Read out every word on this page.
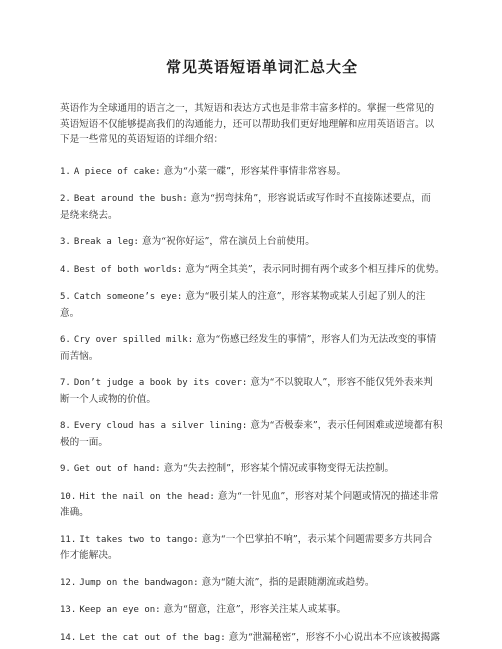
常见英语短语单词汇总大全

英语作为全球通用的语言之一，其短语和表达方式也是非常丰富多样的。掌握一些常见的
英语短语不仅能够提高我们的沟通能力，还可以帮助我们更好地理解和应用英语语言。以
下是一些常见的英语短语的详细介绍：

1. A piece of cake: 意为“小菜一碟”，形容某件事情非常容易。

2. Beat around the bush: 意为“拐弯抹角”，形容说话或写作时不直接陈述要点，而
是绕来绕去。

3. Break a leg: 意为“祝你好运”，常在演员上台前使用。

4. Best of both worlds: 意为“两全其美”，表示同时拥有两个或多个相互排斥的优势。

5. Catch someone’s eye: 意为“吸引某人的注意”，形容某物或某人引起了别人的注
意。

6. Cry over spilled milk: 意为“伤感已经发生的事情”，形容人们为无法改变的事情
而苦恼。

7. Don’t judge a book by its cover: 意为“不以貌取人”，形容不能仅凭外表来判
断一个人或物的价值。

8. Every cloud has a silver lining: 意为“否极泰来”，表示任何困难或逆境都有积
极的一面。

9. Get out of hand: 意为“失去控制”，形容某个情况或事物变得无法控制。

10. Hit the nail on the head: 意为“一针见血”，形容对某个问题或情况的描述非常
准确。

11. It takes two to tango: 意为“一个巴掌拍不响”，表示某个问题需要多方共同合
作才能解决。

12. Jump on the bandwagon: 意为“随大流”，指的是跟随潮流或趋势。

13. Keep an eye on: 意为“留意，注意”，形容关注某人或某事。

14. Let the cat out of the bag: 意为“泄漏秘密”，形容不小心说出本不应该被揭露
